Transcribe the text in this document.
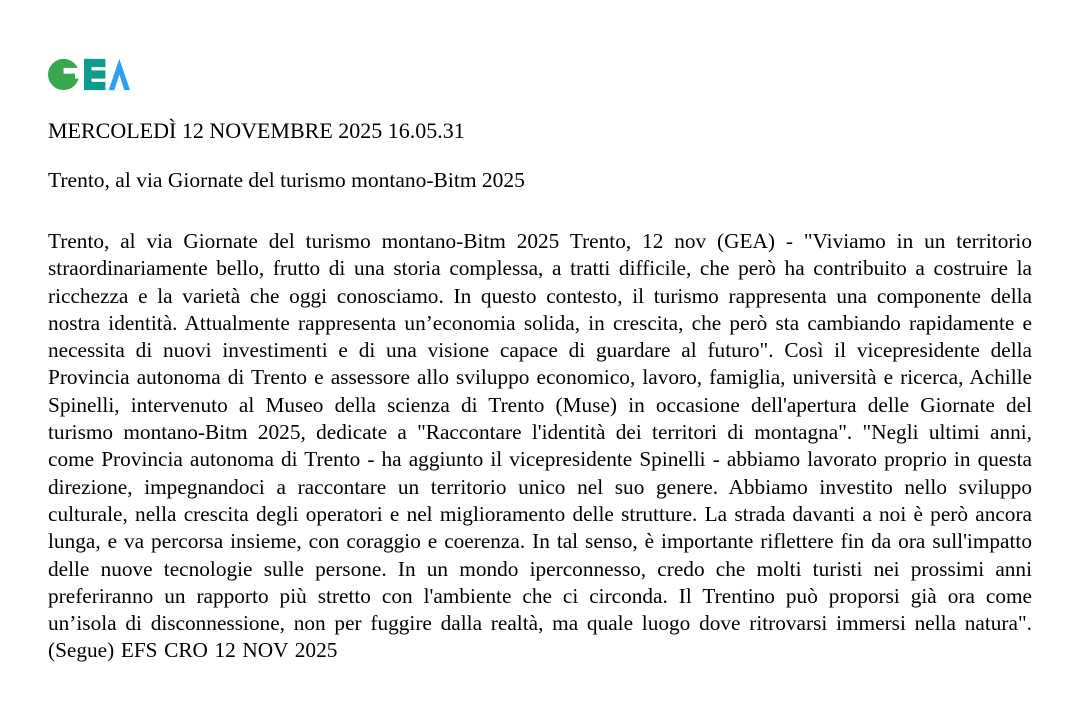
MERCOLEDÌ 12 NOVEMBRE 2025 16.05.31

Trento, al via Giornate del turismo montano-Bitm 2025

Trento, al via Giornate del turismo montano-Bitm 2025 Trento, 12 nov (GEA) - "Viviamo in un territorio straordinariamente bello, frutto di una storia complessa, a tratti difficile, che però ha contribuito a costruire la ricchezza e la varietà che oggi conosciamo. In questo contesto, il turismo rappresenta una componente della nostra identità. Attualmente rappresenta un’economia solida, in crescita, che però sta cambiando rapidamente e necessita di nuovi investimenti e di una visione capace di guardare al futuro". Così il vicepresidente della Provincia autonoma di Trento e assessore allo sviluppo economico, lavoro, famiglia, università e ricerca, Achille Spinelli, intervenuto al Museo della scienza di Trento (Muse) in occasione dell'apertura delle Giornate del turismo montano-Bitm 2025, dedicate a "Raccontare l'identità dei territori di montagna". "Negli ultimi anni, come Provincia autonoma di Trento - ha aggiunto il vicepresidente Spinelli - abbiamo lavorato proprio in questa direzione, impegnandoci a raccontare un territorio unico nel suo genere. Abbiamo investito nello sviluppo culturale, nella crescita degli operatori e nel miglioramento delle strutture. La strada davanti a noi è però ancora lunga, e va percorsa insieme, con coraggio e coerenza. In tal senso, è importante riflettere fin da ora sull'impatto delle nuove tecnologie sulle persone. In un mondo iperconnesso, credo che molti turisti nei prossimi anni preferiranno un rapporto più stretto con l'ambiente che ci circonda. Il Trentino può proporsi già ora come un’isola di disconnessione, non per fuggire dalla realtà, ma quale luogo dove ritrovarsi immersi nella natura". (Segue) EFS CRO 12 NOV 2025
